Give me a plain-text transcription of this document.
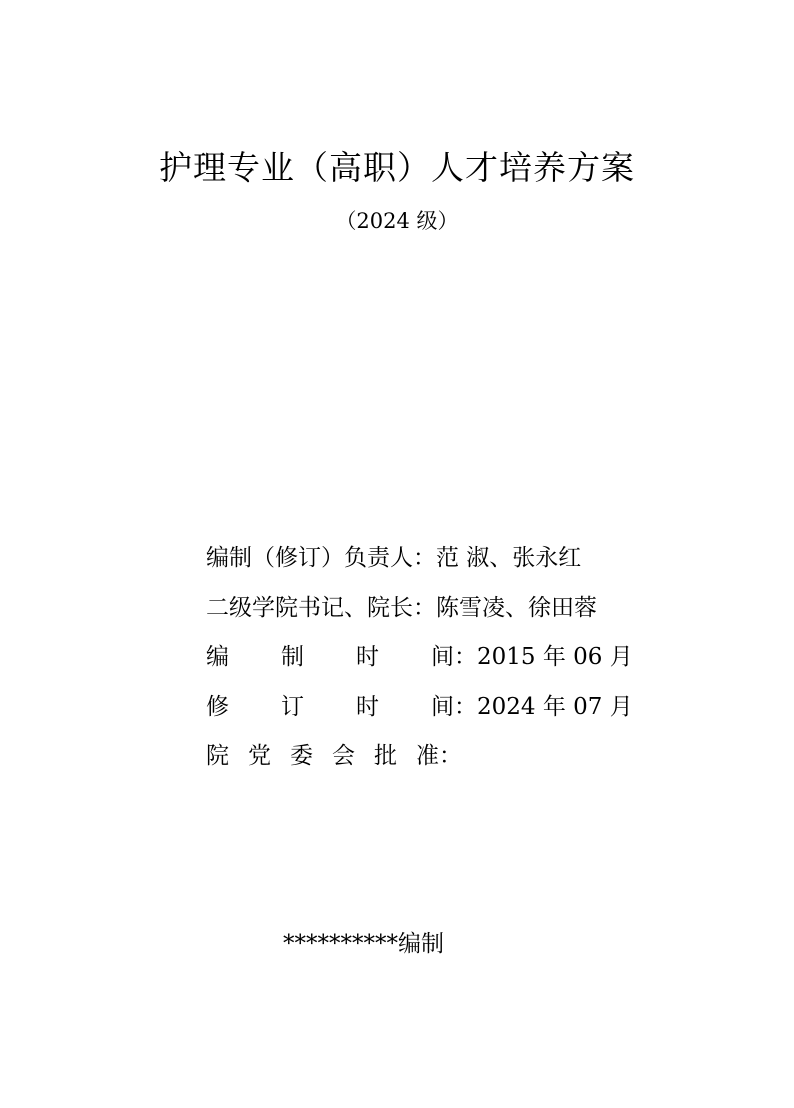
护理专业（高职）人才培养方案
（2024 级）
编制（修订）负责人 ： 范 淑、张永红
二级学院书记、院长 ： 陈雪凌、徐田蓉
编 制 时 间 ： 2015 年 06 月
修 订 时 间 ： 2024 年 07 月
院 党 委 会 批 准 ：
**********编制
